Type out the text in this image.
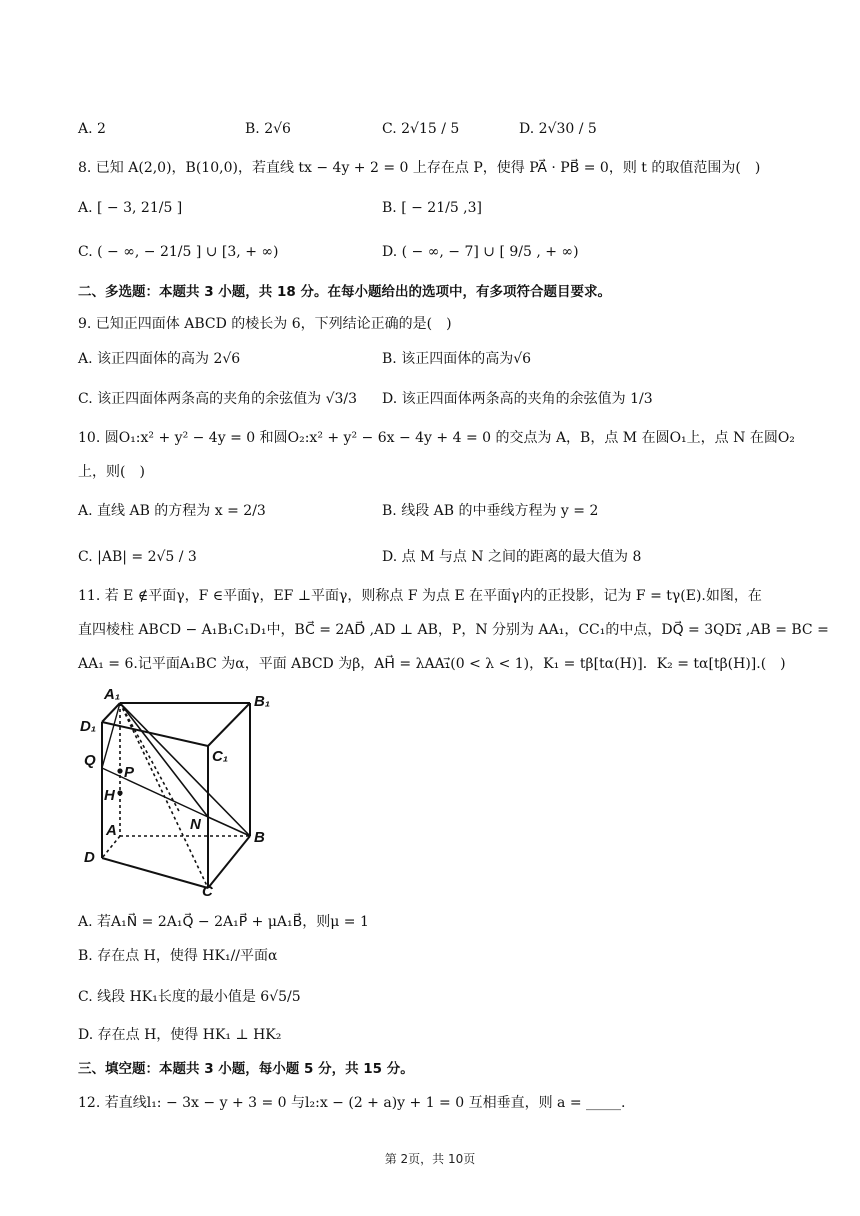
A. 2	B. 2√6	C. 2√15 / 5	D. 2√30 / 5
8. 已知 A(2,0)，B(10,0)，若直线 tx − 4y + 2 = 0 上存在点 P，使得 PA⃗ · PB⃗ = 0，则 t 的取值范围为(　)
A. [ − 3, 21/5 ]	B. [ − 21/5 ,3]
C. ( − ∞, − 21/5 ] ∪ [3, + ∞)	D. ( − ∞, − 7] ∪ [ 9/5 , + ∞)
二、多选题：本题共 3 小题，共 18 分。在每小题给出的选项中，有多项符合题目要求。
9. 已知正四面体 ABCD 的棱长为 6，下列结论正确的是(　)
A. 该正四面体的高为 2√6	B. 该正四面体的高为√6
C. 该正四面体两条高的夹角的余弦值为 √3/3 D. 该正四面体两条高的夹角的余弦值为 1/3
10. 圆O₁:x² + y² − 4y = 0 和圆O₂:x² + y² − 6x − 4y + 4 = 0 的交点为 A，B，点 M 在圆O₁上，点 N 在圆O₂
上，则(　)
A. 直线 AB 的方程为 x = 2/3	B. 线段 AB 的中垂线方程为 y = 2
C. |AB| = 2√5 / 3	D. 点 M 与点 N 之间的距离的最大值为 8
11. 若 E ∉平面γ，F ∈平面γ，EF ⊥平面γ，则称点 F 为点 E 在平面γ内的正投影，记为 F = tγ(E).如图，在
直四棱柱 ABCD − A₁B₁C₁D₁中，BC⃗ = 2AD⃗ ,AD ⊥ AB，P，N 分别为 AA₁，CC₁的中点，DQ⃗ = 3QD₁⃗ ,AB = BC =
AA₁ = 6.记平面A₁BC 为α，平面 ABCD 为β，AH⃗ = λAA₁⃗(0 < λ < 1)，K₁ = tβ[tα(H)]．K₂ = tα[tβ(H)].(　)
A₁	B₁
D₁
C₁
Q
P
H
A	N
B
D
C
A. 若A₁N⃗ = 2A₁Q⃗ − 2A₁P⃗ + μA₁B⃗，则μ = 1
B. 存在点 H，使得 HK₁//平面α
C. 线段 HK₁长度的最小值是 6√5/5
D. 存在点 H，使得 HK₁ ⊥ HK₂
三、填空题：本题共 3 小题，每小题 5 分，共 15 分。
12. 若直线l₁: − 3x − y + 3 = 0 与l₂:x − (2 + a)y + 1 = 0 互相垂直，则 a = _____.
第 2页，共 10页
